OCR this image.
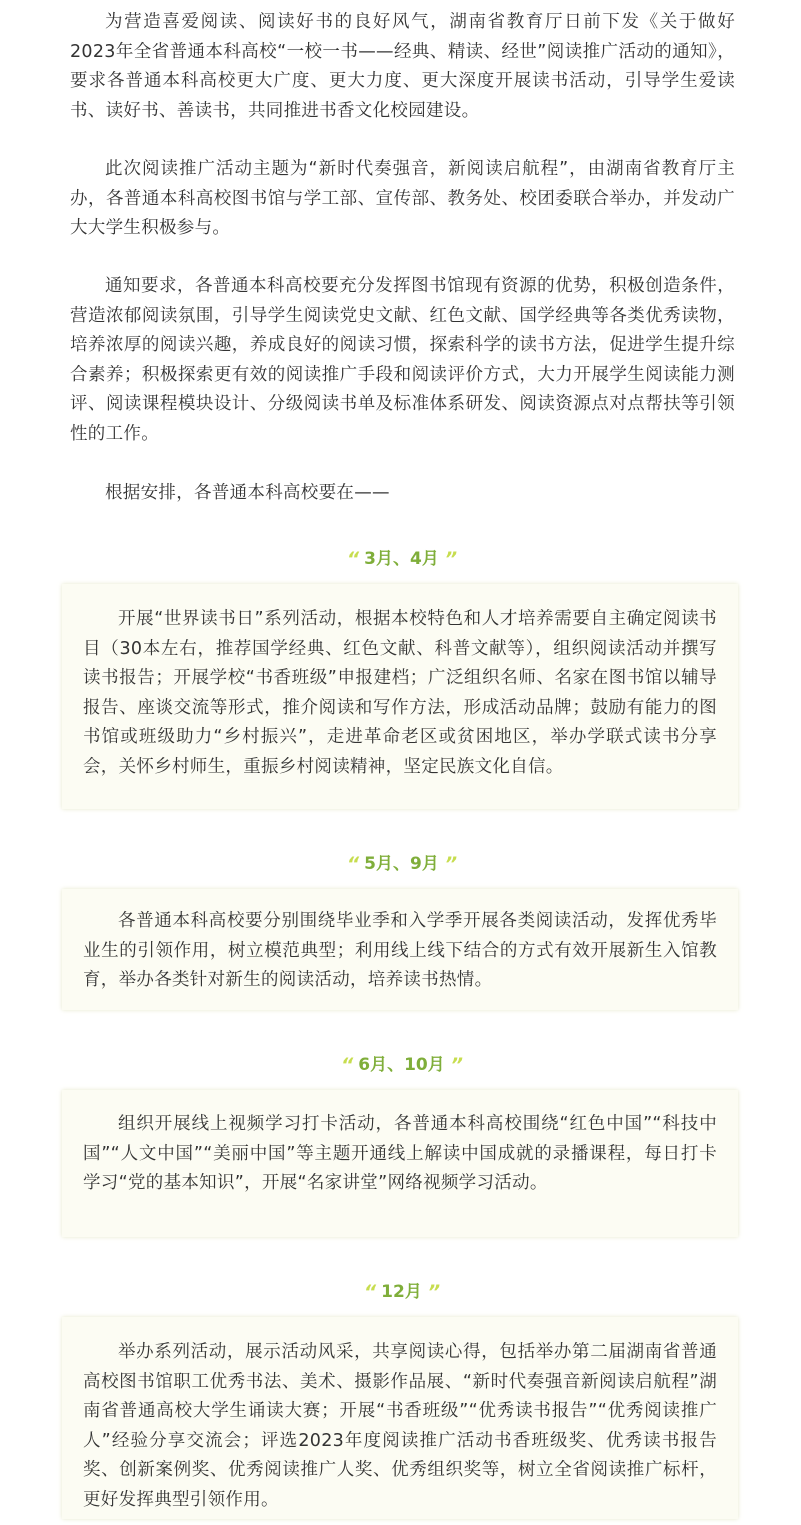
为营造喜爱阅读、阅读好书的良好风气，湖南省教育厅日前下发《关于做好2023年全省普通本科高校“一校一书——经典、精读、经世”阅读推广活动的通知》，要求各普通本科高校更大广度、更大力度、更大深度开展读书活动，引导学生爱读书、读好书、善读书，共同推进书香文化校园建设。

此次阅读推广活动主题为“新时代奏强音，新阅读启航程”，由湖南省教育厅主办，各普通本科高校图书馆与学工部、宣传部、教务处、校团委联合举办，并发动广大大学生积极参与。

通知要求，各普通本科高校要充分发挥图书馆现有资源的优势，积极创造条件，营造浓郁阅读氛围，引导学生阅读党史文献、红色文献、国学经典等各类优秀读物，培养浓厚的阅读兴趣，养成良好的阅读习惯，探索科学的读书方法，促进学生提升综合素养；积极探索更有效的阅读推广手段和阅读评价方式，大力开展学生阅读能力测评、阅读课程模块设计、分级阅读书单及标准体系研发、阅读资源点对点帮扶等引领性的工作。

根据安排，各普通本科高校要在——

“ 3月、4月 ”

开展“世界读书日”系列活动，根据本校特色和人才培养需要自主确定阅读书目（30本左右，推荐国学经典、红色文献、科普文献等），组织阅读活动并撰写读书报告；开展学校“书香班级”申报建档；广泛组织名师、名家在图书馆以辅导报告、座谈交流等形式，推介阅读和写作方法，形成活动品牌；鼓励有能力的图书馆或班级助力“乡村振兴”，走进革命老区或贫困地区，举办学联式读书分享会，关怀乡村师生，重振乡村阅读精神，坚定民族文化自信。

“ 5月、9月 ”

各普通本科高校要分别围绕毕业季和入学季开展各类阅读活动，发挥优秀毕业生的引领作用，树立模范典型；利用线上线下结合的方式有效开展新生入馆教育，举办各类针对新生的阅读活动，培养读书热情。

“ 6月、10月 ”

组织开展线上视频学习打卡活动，各普通本科高校围绕“红色中国”“科技中国”“人文中国”“美丽中国”等主题开通线上解读中国成就的录播课程，每日打卡学习“党的基本知识”，开展“名家讲堂”网络视频学习活动。

“ 12月 ”

举办系列活动，展示活动风采，共享阅读心得，包括举办第二届湖南省普通高校图书馆职工优秀书法、美术、摄影作品展、“新时代奏强音新阅读启航程”湖南省普通高校大学生诵读大赛；开展“书香班级”“优秀读书报告”“优秀阅读推广人”经验分享交流会；评选2023年度阅读推广活动书香班级奖、优秀读书报告奖、创新案例奖、优秀阅读推广人奖、优秀组织奖等，树立全省阅读推广标杆，更好发挥典型引领作用。
